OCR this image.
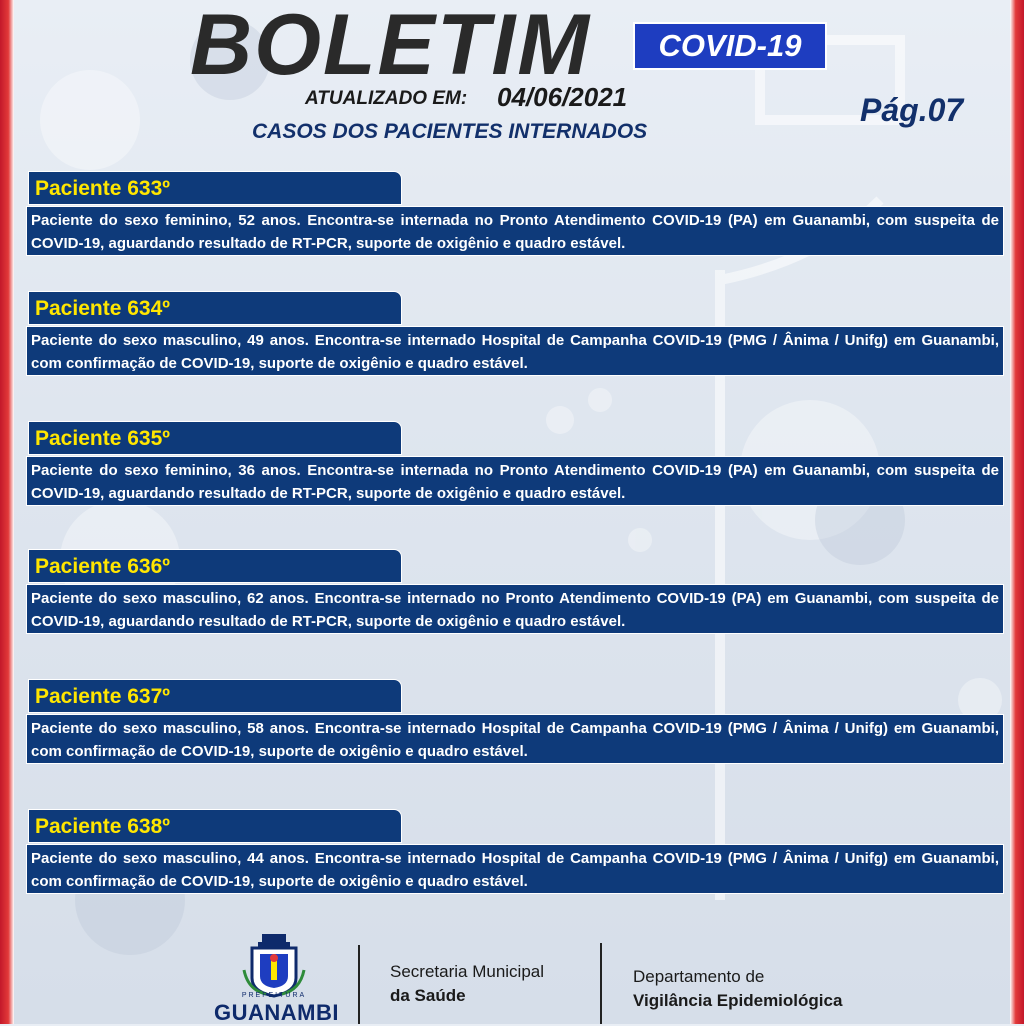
BOLETIM	COVID-19
ATUALIZADO EM: 04/06/2021
CASOS DOS PACIENTES INTERNADOS
Pág.07
Paciente 633º
Paciente do sexo feminino, 52 anos. Encontra-se internada no Pronto Atendimento COVID-19 (PA) em Guanambi, com suspeita de COVID-19, aguardando resultado de RT-PCR, suporte de oxigênio e quadro estável.
Paciente 634º
Paciente do sexo masculino, 49 anos. Encontra-se internado Hospital de Campanha COVID-19 (PMG / Ânima / Unifg) em Guanambi, com confirmação de COVID-19, suporte de oxigênio e quadro estável.
Paciente 635º
Paciente do sexo feminino, 36 anos. Encontra-se internada no Pronto Atendimento COVID-19 (PA) em Guanambi, com suspeita de COVID-19, aguardando resultado de RT-PCR, suporte de oxigênio e quadro estável.
Paciente 636º
Paciente do sexo masculino, 62 anos. Encontra-se internado no Pronto Atendimento COVID-19 (PA) em Guanambi, com suspeita de COVID-19, aguardando resultado de RT-PCR, suporte de oxigênio e quadro estável.
Paciente 637º
Paciente do sexo masculino, 58 anos. Encontra-se internado Hospital de Campanha COVID-19 (PMG / Ânima / Unifg) em Guanambi, com confirmação de COVID-19, suporte de oxigênio e quadro estável.
Paciente 638º
Paciente do sexo masculino, 44 anos. Encontra-se internado Hospital de Campanha COVID-19 (PMG / Ânima / Unifg) em Guanambi, com confirmação de COVID-19, suporte de oxigênio e quadro estável.
PREFEITURA
GUANAMBI
Secretaria Municipal
da Saúde
Departamento de
Vigilância Epidemiológica
